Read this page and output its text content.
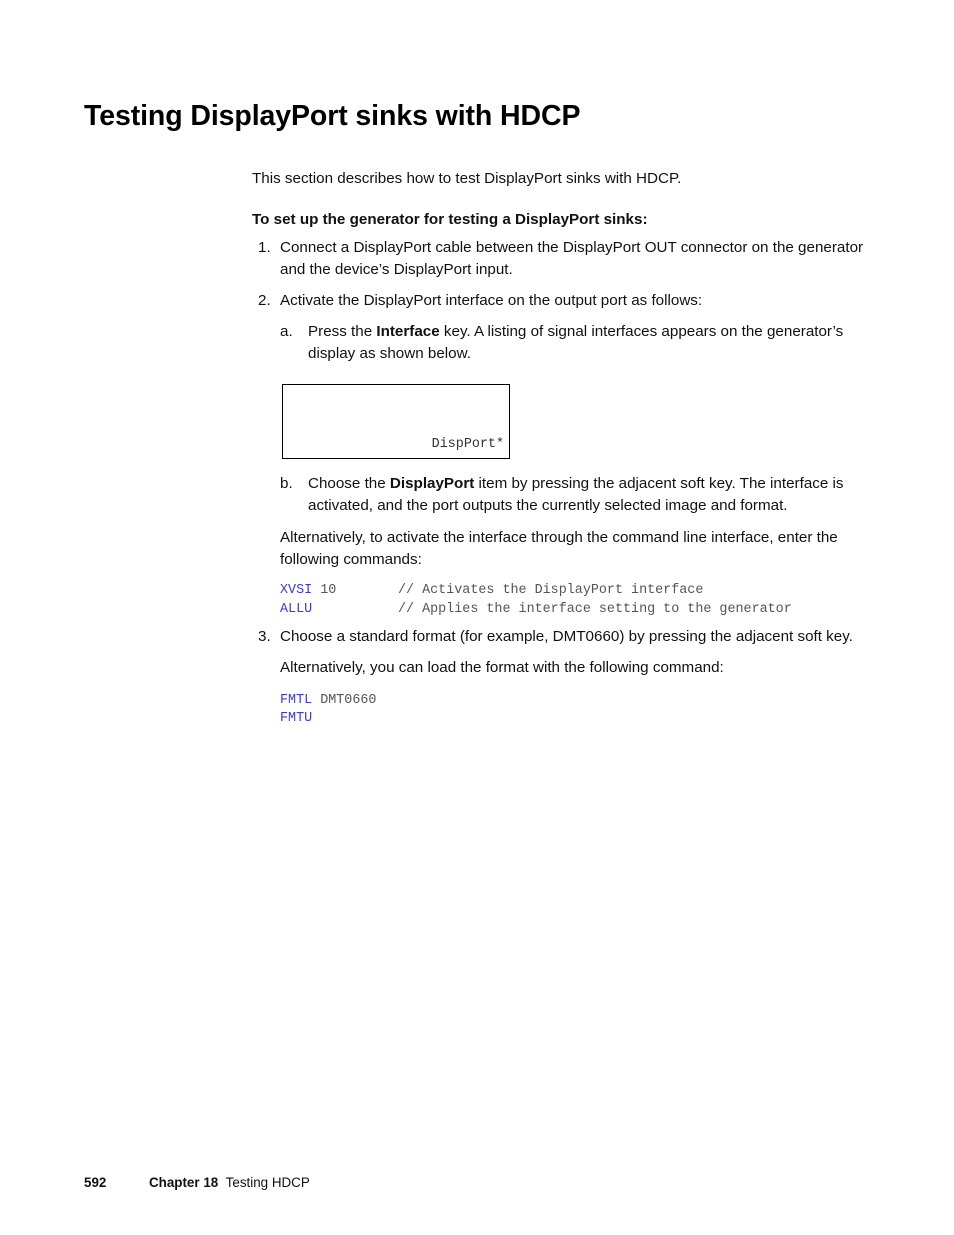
Testing DisplayPort sinks with HDCP
This section describes how to test DisplayPort sinks with HDCP.
To set up the generator for testing a DisplayPort sinks:
1. Connect a DisplayPort cable between the DisplayPort OUT connector on the generator and the device’s DisplayPort input.
2. Activate the DisplayPort interface on the output port as follows:
a. Press the Interface key. A listing of signal interfaces appears on the generator’s display as shown below.
DispPort*
b. Choose the DisplayPort item by pressing the adjacent soft key. The interface is activated, and the port outputs the currently selected image and format.
Alternatively, to activate the interface through the command line interface, enter the following commands:
XVSI 10	// Activates the DisplayPort interface
ALLU	// Applies the interface setting to the generator
3. Choose a standard format (for example, DMT0660) by pressing the adjacent soft key.
Alternatively, you can load the format with the following command:
FMTL DMT0660
FMTU
592	Chapter 18 Testing HDCP
